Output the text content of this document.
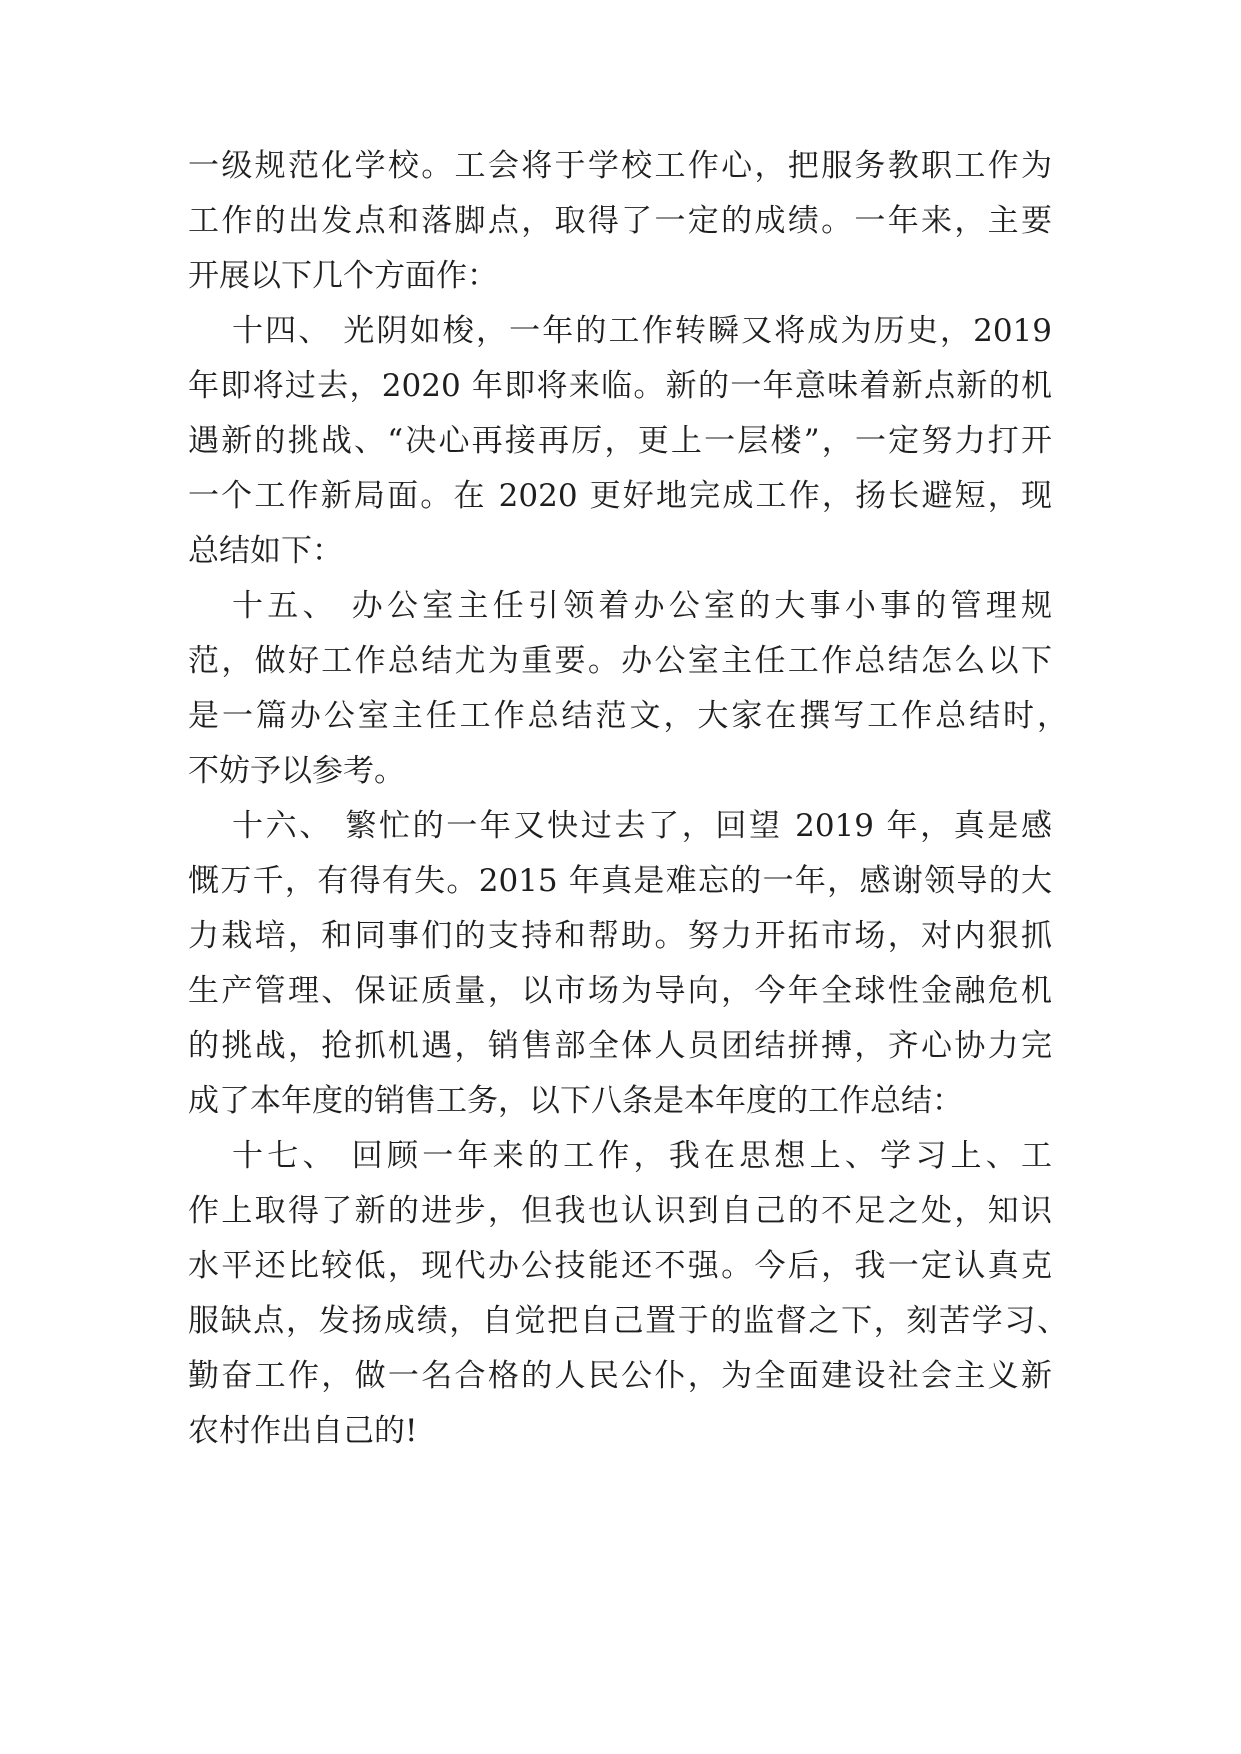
一级规范化学校。工会将于学校工作心，把服务教职工作为
工作的出发点和落脚点，取得了一定的成绩。一年来，主要
开展以下几个方面作：
十四、 光阴如梭，一年的工作转瞬又将成为历史，2019
年即将过去，2020 年即将来临。新的一年意味着新点新的机
遇新的挑战、“决心再接再厉，更上一层楼”，一定努力打开
一个工作新局面。在 2020 更好地完成工作，扬长避短，现
总结如下：
十五、 办公室主任引领着办公室的大事小事的管理规
范，做好工作总结尤为重要。办公室主任工作总结怎么以下
是一篇办公室主任工作总结范文，大家在撰写工作总结时，
不妨予以参考。
十六、 繁忙的一年又快过去了，回望 2019 年，真是感
慨万千，有得有失。2015 年真是难忘的一年，感谢领导的大
力栽培，和同事们的支持和帮助。努力开拓市场，对内狠抓
生产管理、保证质量，以市场为导向，今年全球性金融危机
的挑战，抢抓机遇，销售部全体人员团结拼搏，齐心协力完
成了本年度的销售工务，以下八条是本年度的工作总结：
十七、 回顾一年来的工作，我在思想上、学习上、工
作上取得了新的进步，但我也认识到自己的不足之处，知识
水平还比较低，现代办公技能还不强。今后，我一定认真克
服缺点，发扬成绩，自觉把自己置于的监督之下，刻苦学习、
勤奋工作，做一名合格的人民公仆，为全面建设社会主义新
农村作出自己的!
